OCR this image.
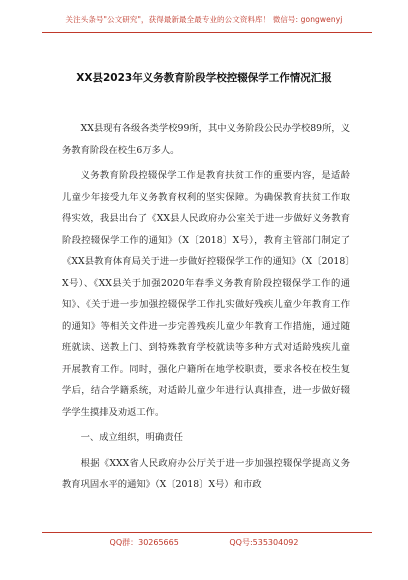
关注头条号"公文研究"，获得最新最全最专业的公文资料库！ 微信号: gongwenyj
XX县2023年义务教育阶段学校控辍保学工作情况汇报

XX县现有各级各类学校99所，其中义务阶段公民办学校89所，义务教育阶段在校生6万多人。

义务教育阶段控辍保学工作是教育扶贫工作的重要内容，是适龄儿童少年接受九年义务教育权利的坚实保障。为确保教育扶贫工作取得实效，我县出台了《XX县人民政府办公室关于进一步做好义务教育阶段控辍保学工作的通知》（X〔2018〕X号），教育主管部门制定了《XX县教育体育局关于进一步做好控辍保学工作的通知》（X〔2018〕X号）、《XX县关于加强2020年春季义务教育阶段控辍保学工作的通知》、《关于进一步加强控辍保学工作扎实做好残疾儿童少年教育工作的通知》等相关文件进一步完善残疾儿童少年教育工作措施，通过随班就读、送教上门、到特殊教育学校就读等多种方式对适龄残疾儿童开展教育工作。同时，强化户籍所在地学校职责，要求各校在校生复学后，结合学籍系统，对适龄儿童少年进行认真排查，进一步做好辍学学生摸排及劝返工作。

一、成立组织，明确责任

根据《XXX省人民政府办公厅关于进一步加强控辍保学提高义务教育巩固水平的通知》（X〔2018〕X号）和市政

QQ群：30265665	QQ号:535304092
